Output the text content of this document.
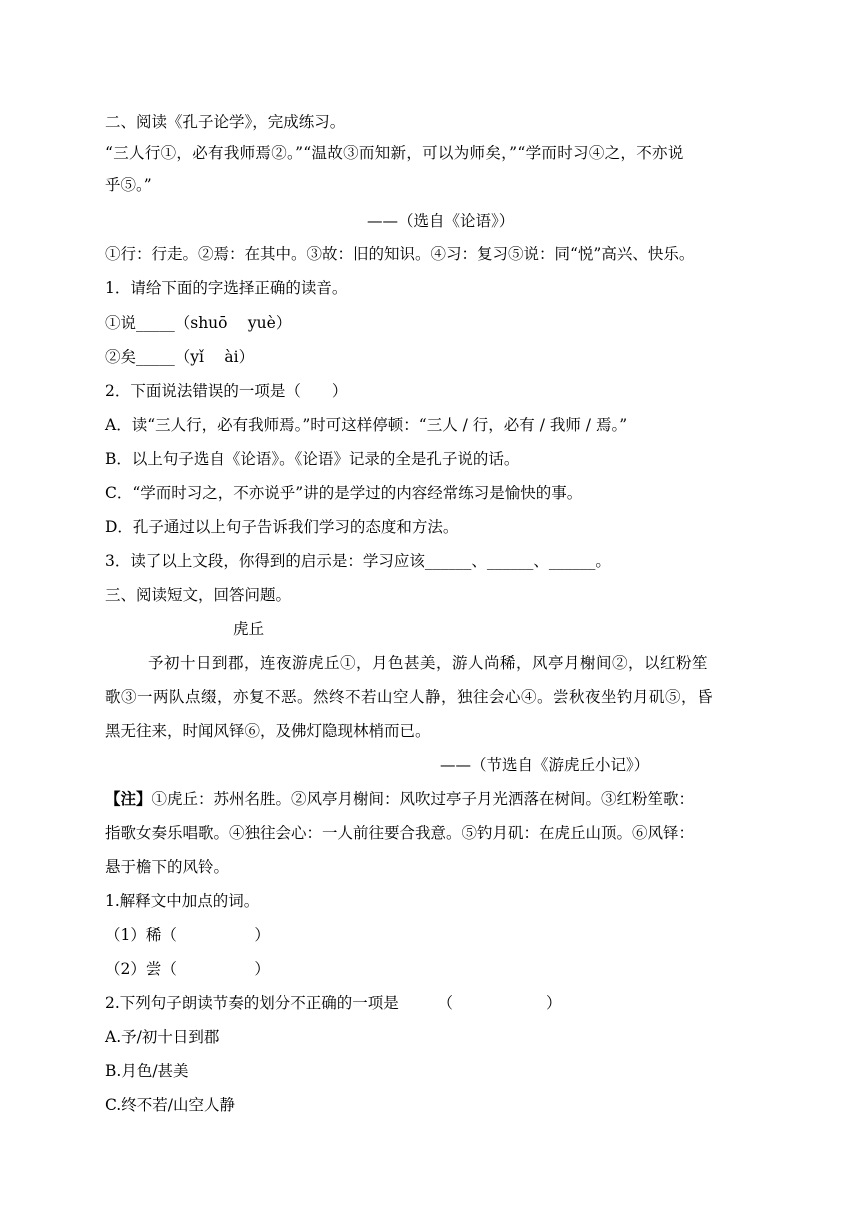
二、阅读《孔子论学》，完成练习。
“三人行①，必有我师焉②。”“温故③而知新，可以为师矣，”“学而时习④之，不亦说
乎⑤。”
——（选自《论语》）
①行：行走。②焉：在其中。③故：旧的知识。④习：复习⑤说：同“悦”高兴、快乐。
1．请给下面的字选择正确的读音。
①说_____（shuō　 yuè）
②矣_____（yǐ　 ài）
2．下面说法错误的一项是（　　）
A．读“三人行，必有我师焉。”时可这样停顿：“三人 / 行，必有 / 我师 / 焉。”
B．以上句子选自《论语》。《论语》记录的全是孔子说的话。
C．“学而时习之，不亦说乎”讲的是学过的内容经常练习是愉快的事。
D．孔子通过以上句子告诉我们学习的态度和方法。
3．读了以上文段，你得到的启示是：学习应该______、______、______。
三、阅读短文，回答问题。
虎丘
予初十日到郡，连夜游虎丘①，月色甚美，游人尚稀，风亭月榭间②，以红粉笙
歌③一两队点缀，亦复不恶。然终不若山空人静，独往会心④。尝秋夜坐钓月矶⑤，昏
黑无往来，时闻风铎⑥，及佛灯隐现林梢而已。
——（节选自《游虎丘小记》）
【注】①虎丘：苏州名胜。②风亭月榭间：风吹过亭子月光洒落在树间。③红粉笙歌：
指歌女奏乐唱歌。④独往会心：一人前往要合我意。⑤钓月矶：在虎丘山顶。⑥风铎：
悬于檐下的风铃。
1.解释文中加点的词。
（1）稀（　　　　　）
（2）尝（　　　　　）
2.下列句子朗读节奏的划分不正确的一项是　　　（　　　　　　）
A.予/初十日到郡
B.月色/甚美
C.终不若/山空人静
